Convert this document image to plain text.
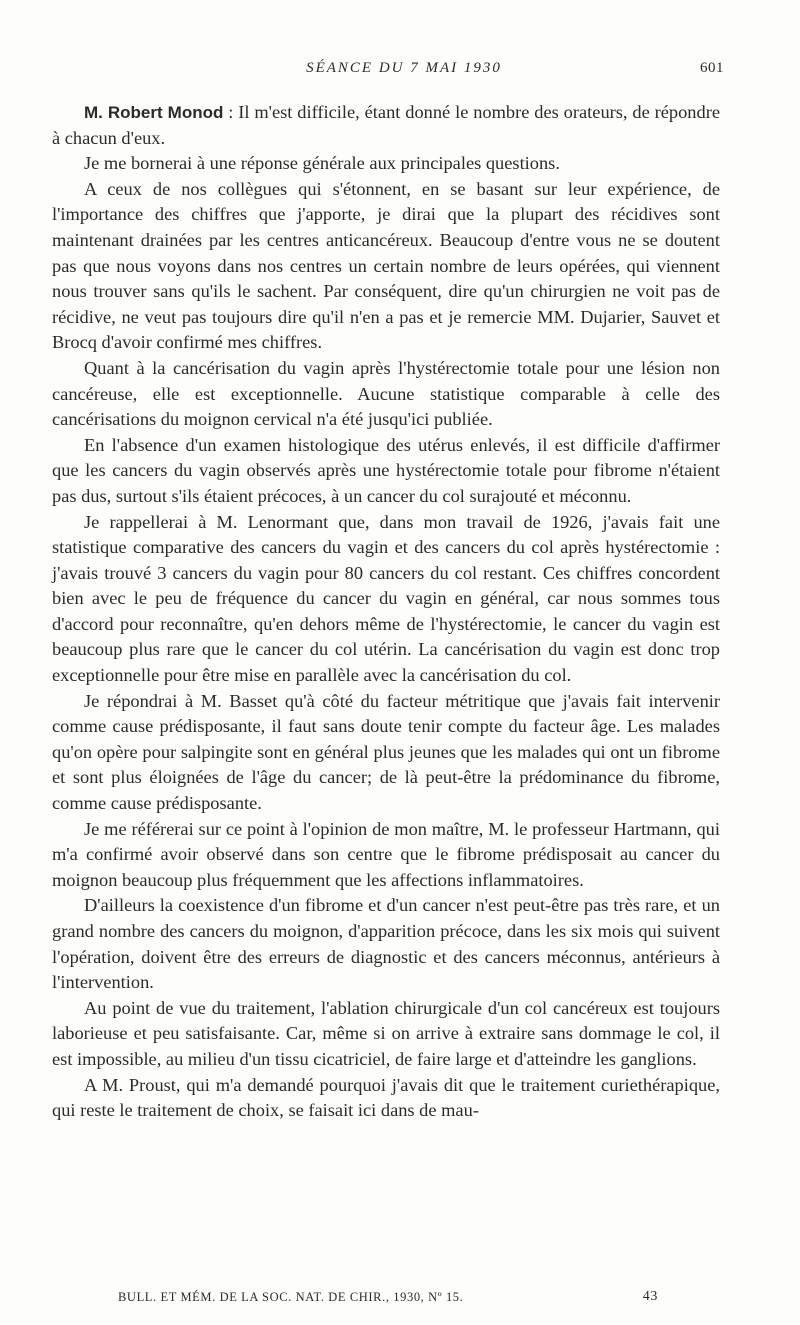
SÉANCE DU 7 MAI 1930	601

M. Robert Monod : Il m'est difficile, étant donné le nombre des orateurs, de répondre à chacun d'eux.

Je me bornerai à une réponse générale aux principales questions.

A ceux de nos collègues qui s'étonnent, en se basant sur leur expérience, de l'importance des chiffres que j'apporte, je dirai que la plupart des récidives sont maintenant drainées par les centres anticancéreux. Beaucoup d'entre vous ne se doutent pas que nous voyons dans nos centres un certain nombre de leurs opérées, qui viennent nous trouver sans qu'ils le sachent. Par conséquent, dire qu'un chirurgien ne voit pas de récidive, ne veut pas toujours dire qu'il n'en a pas et je remercie MM. Dujarier, Sauvet et Brocq d'avoir confirmé mes chiffres.

Quant à la cancérisation du vagin après l'hystérectomie totale pour une lésion non cancéreuse, elle est exceptionnelle. Aucune statistique comparable à celle des cancérisations du moignon cervical n'a été jusqu'ici publiée.

En l'absence d'un examen histologique des utérus enlevés, il est difficile d'affirmer que les cancers du vagin observés après une hystérectomie totale pour fibrome n'étaient pas dus, surtout s'ils étaient précoces, à un cancer du col surajouté et méconnu.

Je rappellerai à M. Lenormant que, dans mon travail de 1926, j'avais fait une statistique comparative des cancers du vagin et des cancers du col après hystérectomie : j'avais trouvé 3 cancers du vagin pour 80 cancers du col restant. Ces chiffres concordent bien avec le peu de fréquence du cancer du vagin en général, car nous sommes tous d'accord pour reconnaître, qu'en dehors même de l'hystérectomie, le cancer du vagin est beaucoup plus rare que le cancer du col utérin. La cancérisation du vagin est donc trop exceptionnelle pour être mise en parallèle avec la cancérisation du col.

Je répondrai à M. Basset qu'à côté du facteur métritique que j'avais fait intervenir comme cause prédisposante, il faut sans doute tenir compte du facteur âge. Les malades qu'on opère pour salpingite sont en général plus jeunes que les malades qui ont un fibrome et sont plus éloignées de l'âge du cancer; de là peut-être la prédominance du fibrome, comme cause prédisposante.

Je me référerai sur ce point à l'opinion de mon maître, M. le professeur Hartmann, qui m'a confirmé avoir observé dans son centre que le fibrome prédisposait au cancer du moignon beaucoup plus fréquemment que les affections inflammatoires.

D'ailleurs la coexistence d'un fibrome et d'un cancer n'est peut-être pas très rare, et un grand nombre des cancers du moignon, d'apparition précoce, dans les six mois qui suivent l'opération, doivent être des erreurs de diagnostic et des cancers méconnus, antérieurs à l'intervention.

Au point de vue du traitement, l'ablation chirurgicale d'un col cancéreux est toujours laborieuse et peu satisfaisante. Car, même si on arrive à extraire sans dommage le col, il est impossible, au milieu d'un tissu cicatriciel, de faire large et d'atteindre les ganglions.

A M. Proust, qui m'a demandé pourquoi j'avais dit que le traitement curiethérapique, qui reste le traitement de choix, se faisait ici dans de mau-

BULL. ET MÉM. DE LA SOC. NAT. DE CHIR., 1930, Nº 15.	43
